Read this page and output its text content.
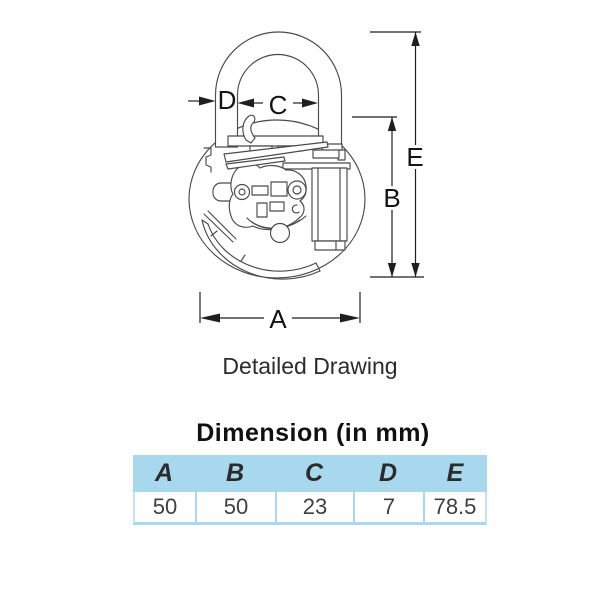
D C
E
B
A
Detailed Drawing
Dimension (in mm)
A	B	C	D	E
50	50	23	7	78.5
